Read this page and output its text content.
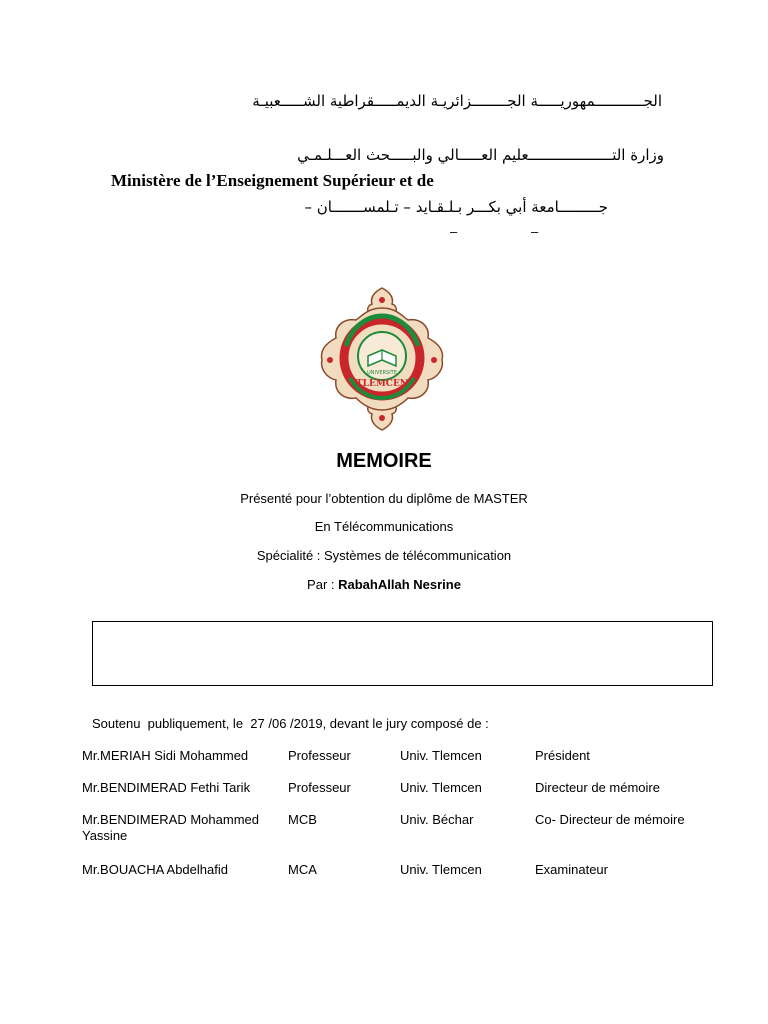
الجـــــــــــمهوريـــــة الجــــــــزائريـة الديمـــــقراطية الشـــــعبيـة
وزارة التـــــــــــــــــــعليم العـــــالي والبـــــحث العـــلـمـي
Ministère de l’Enseignement Supérieur et de
جـــــــــامعة أبي بكـــر بـلـقـايد – تـلمســـــــان –
–	–
UNIVERSITE
TLEMCEN
MEMOIRE
Présenté pour l’obtention du diplôme de MASTER
En Télécommunications
Spécialité : Systèmes de télécommunication
Par : RabahAllah Nesrine
Soutenu  publiquement, le  27 /06 /2019, devant le jury composé de :
Mr.MERIAH Sidi Mohammed	Professeur	Univ. Tlemcen	Président
Mr.BENDIMERAD Fethi Tarik	Professeur	Univ. Tlemcen	Directeur de mémoire
Mr.BENDIMERAD Mohammed
Yassine
MCB	Univ. Béchar	Co- Directeur de mémoire
Mr.BOUACHA Abdelhafid	MCA	Univ. Tlemcen	Examinateur
